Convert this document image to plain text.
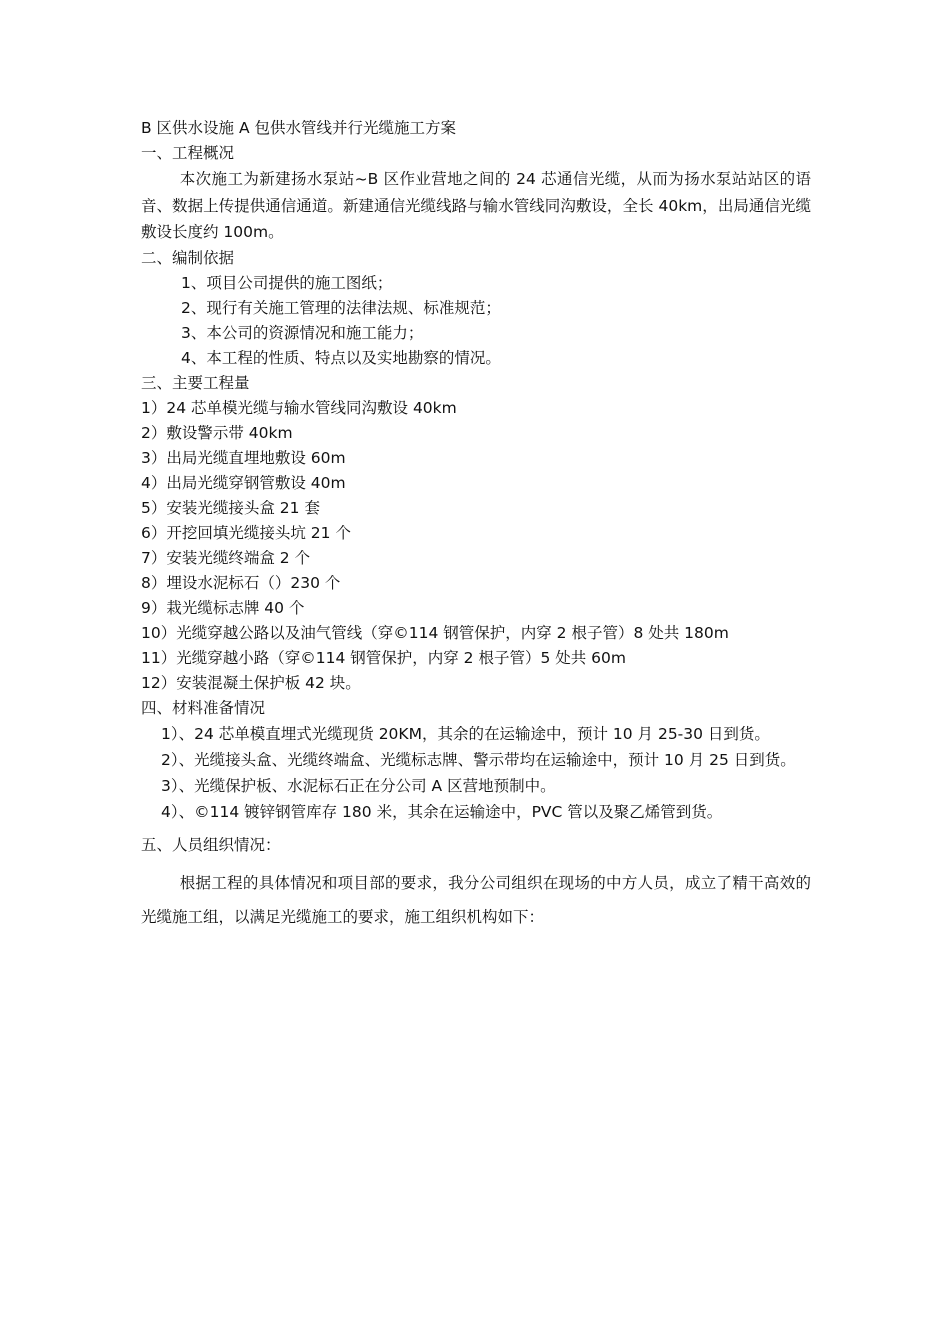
B 区供水设施 A 包供水管线并行光缆施工方案
一、工程概况

本次施工为新建扬水泵站~B 区作业营地之间的 24 芯通信光缆，从而为扬水泵站站区的语音、数据上传提供通信通道。新建通信光缆线路与输水管线同沟敷设，全长 40km，出局通信光缆敷设长度约 100m。

二、编制依据
1、项目公司提供的施工图纸；
2、现行有关施工管理的法律法规、标准规范；
3、本公司的资源情况和施工能力；
4、本工程的性质、特点以及实地勘察的情况。
三、主要工程量
1）24 芯单模光缆与输水管线同沟敷设 40km
2）敷设警示带 40km
3）出局光缆直埋地敷设 60m
4）出局光缆穿钢管敷设 40m
5）安装光缆接头盒 21 套
6）开挖回填光缆接头坑 21 个
7）安装光缆终端盒 2 个
8）埋设水泥标石（）230 个
9）栽光缆标志牌 40 个
10）光缆穿越公路以及油气管线（穿©114 钢管保护，内穿 2 根子管）8 处共 180m
11）光缆穿越小路（穿©114 钢管保护，内穿 2 根子管）5 处共 60m
12）安装混凝土保护板 42 块。
四、材料准备情况
1）、24 芯单模直埋式光缆现货 20KM，其余的在运输途中，预计 10 月 25-30 日到货。

2）、光缆接头盒、光缆终端盒、光缆标志牌、警示带均在运输途中，预计 10 月 25 日到货。

3）、光缆保护板、水泥标石正在分公司 A 区营地预制中。
4）、©114 镀锌钢管库存 180 米，其余在运输途中，PVC 管以及聚乙烯管到货。
五、人员组织情况：

根据工程的具体情况和项目部的要求，我分公司组织在现场的中方人员，成立了精干高效的光缆施工组，以满足光缆施工的要求，施工组织机构如下：
